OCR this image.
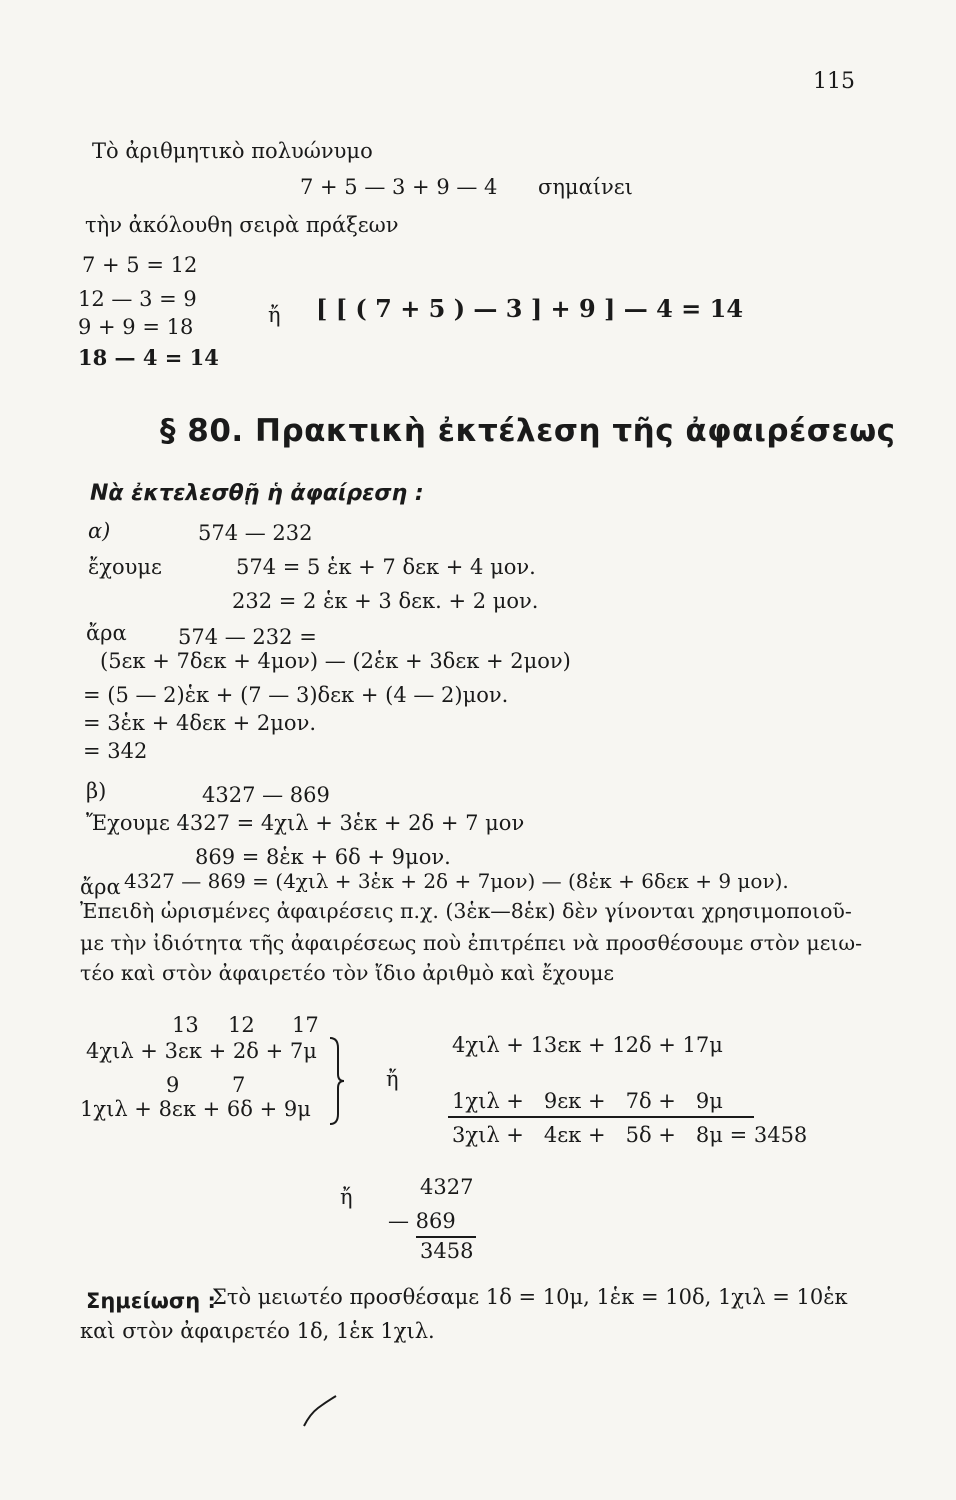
115
Τὸ ἀριθμητικὸ πολυώνυμο
7 + 5 — 3 + 9 — 4 σημαίνει
τὴν ἀκόλουθη σειρὰ πράξεων
7 + 5 = 12
12 — 3 = 9
9 + 9 = 18
18 — 4 = 14
ἤ [ [ ( 7 + 5 ) — 3 ] + 9 ] — 4 = 14
§ 80. Πρακτικὴ ἐκτέλεση τῆς ἀφαιρέσεως
Νὰ ἐκτελεσθῇ ἡ ἀφαίρεση :
α)	574 — 232
ἔχουμε	574 = 5 ἑκ + 7 δεκ + 4 μον.
232 = 2 ἑκ + 3 δεκ. + 2 μον.
ἄρα 574 — 232 =
(5εκ + 7δεκ + 4μον) — (2ἑκ + 3δεκ + 2μον)
= (5 — 2)ἑκ + (7 — 3)δεκ + (4 — 2)μον.
= 3ἑκ + 4δεκ + 2μον.
= 342
β)	4327 — 869
Ἔχουμε 4327 = 4χιλ + 3ἑκ + 2δ + 7 μον
869 = 8ἑκ + 6δ + 9μον.
ἄρα 4327 — 869 = (4χιλ + 3ἑκ + 2δ + 7μον) — (8ἑκ + 6δεκ + 9 μον).
Ἐπειδὴ ὡρισμένες ἀφαιρέσεις π.χ. (3ἑκ—8ἑκ) δὲν γίνονται χρησιμοποιοῦ-
με τὴν ἰδιότητα τῆς ἀφαιρέσεως ποὺ ἐπιτρέπει νὰ προσθέσουμε στὸν μειω-
τέο καὶ στὸν ἀφαιρετέο τὸν ἴδιο ἀριθμὸ καὶ ἔχουμε
13 12 17
4χιλ + 3εκ + 2δ + 7μ
9	7
1χιλ + 8εκ + 6δ + 9μ
ἤ
4χιλ + 13εκ + 12δ + 17μ
1χιλ +   9εκ +   7δ +   9μ
3χιλ +   4εκ +   5δ +   8μ = 3458
ἤ	4327
— 869
3458
Σημείωση :
Στὸ μειωτέο προσθέσαμε 1δ = 10μ, 1ἑκ = 10δ, 1χιλ = 10ἑκ
καὶ στὸν ἀφαιρετέο 1δ, 1ἑκ 1χιλ.
